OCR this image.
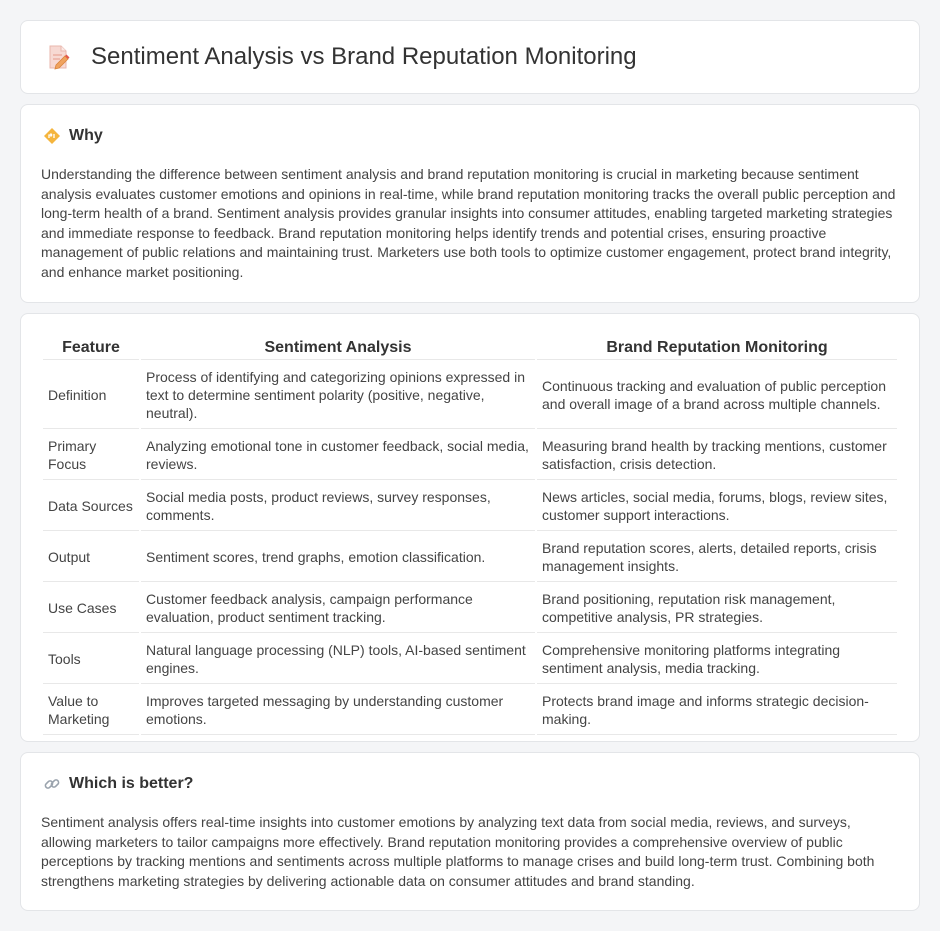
Sentiment Analysis vs Brand Reputation Monitoring
Why

Understanding the difference between sentiment analysis and brand reputation monitoring is crucial in marketing because sentiment analysis evaluates customer emotions and opinions in real-time, while brand reputation monitoring tracks the overall public perception and long-term health of a brand. Sentiment analysis provides granular insights into consumer attitudes, enabling targeted marketing strategies and immediate response to feedback. Brand reputation monitoring helps identify trends and potential crises, ensuring proactive management of public relations and maintaining trust. Marketers use both tools to optimize customer engagement, protect brand integrity, and enhance market positioning.

Feature	Sentiment Analysis	Brand Reputation Monitoring
Definition	Process of identifying and categorizing opinions expressed in text to determine sentiment polarity (positive, negative, neutral).	Continuous tracking and evaluation of public perception and overall image of a brand across multiple channels.
Primary Focus	Analyzing emotional tone in customer feedback, social media, reviews.	Measuring brand health by tracking mentions, customer satisfaction, crisis detection.
Data Sources	Social media posts, product reviews, survey responses, comments.	News articles, social media, forums, blogs, review sites, customer support interactions.
Output	Sentiment scores, trend graphs, emotion classification.	Brand reputation scores, alerts, detailed reports, crisis management insights.
Use Cases	Customer feedback analysis, campaign performance evaluation, product sentiment tracking.	Brand positioning, reputation risk management, competitive analysis, PR strategies.
Tools	Natural language processing (NLP) tools, AI-based sentiment engines.	Comprehensive monitoring platforms integrating sentiment analysis, media tracking.
Value to Marketing	Improves targeted messaging by understanding customer emotions.	Protects brand image and informs strategic decision-making.
Which is better?

Sentiment analysis offers real-time insights into customer emotions by analyzing text data from social media, reviews, and surveys, allowing marketers to tailor campaigns more effectively. Brand reputation monitoring provides a comprehensive overview of public perceptions by tracking mentions and sentiments across multiple platforms to manage crises and build long-term trust. Combining both strengthens marketing strategies by delivering actionable data on consumer attitudes and brand standing.
